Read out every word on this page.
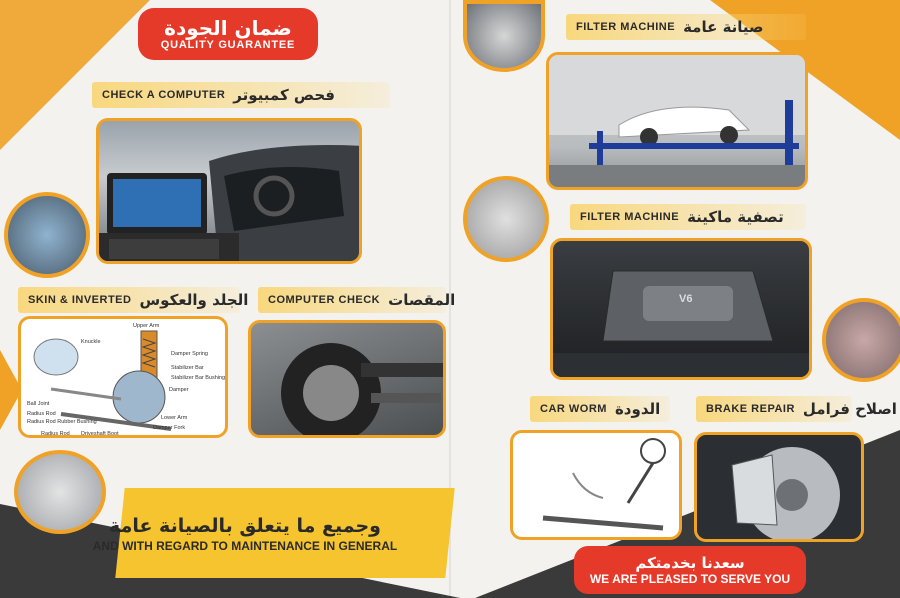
ضمان الجودة
QUALITY GUARANTEE
CHECK A COMPUTER فحص كمبيوتر
SKIN & INVERTED الجلد والعكوس
Upper Arm
Damper Spring
Stabilizer Bar
Stabilizer Bar Bushing
Damper
Knuckle
Ball Joint
Radius Rod
Radius Rod Rubber Bushing
Lower Arm
Damper Fork
Driveshaft Boot
Radius Rod
COMPUTER CHECK المقصات
FILTER MACHINE صيانة عامة
FILTER MACHINE تصفية ماكينة
V6
CAR WORM الدودة	BRAKE REPAIR اصلاح فرامل
وجميع ما يتعلق بالصيانة عامة
AND WITH REGARD TO MAINTENANCE IN GENERAL
سعدنا بخدمتكم
WE ARE PLEASED TO SERVE YOU
